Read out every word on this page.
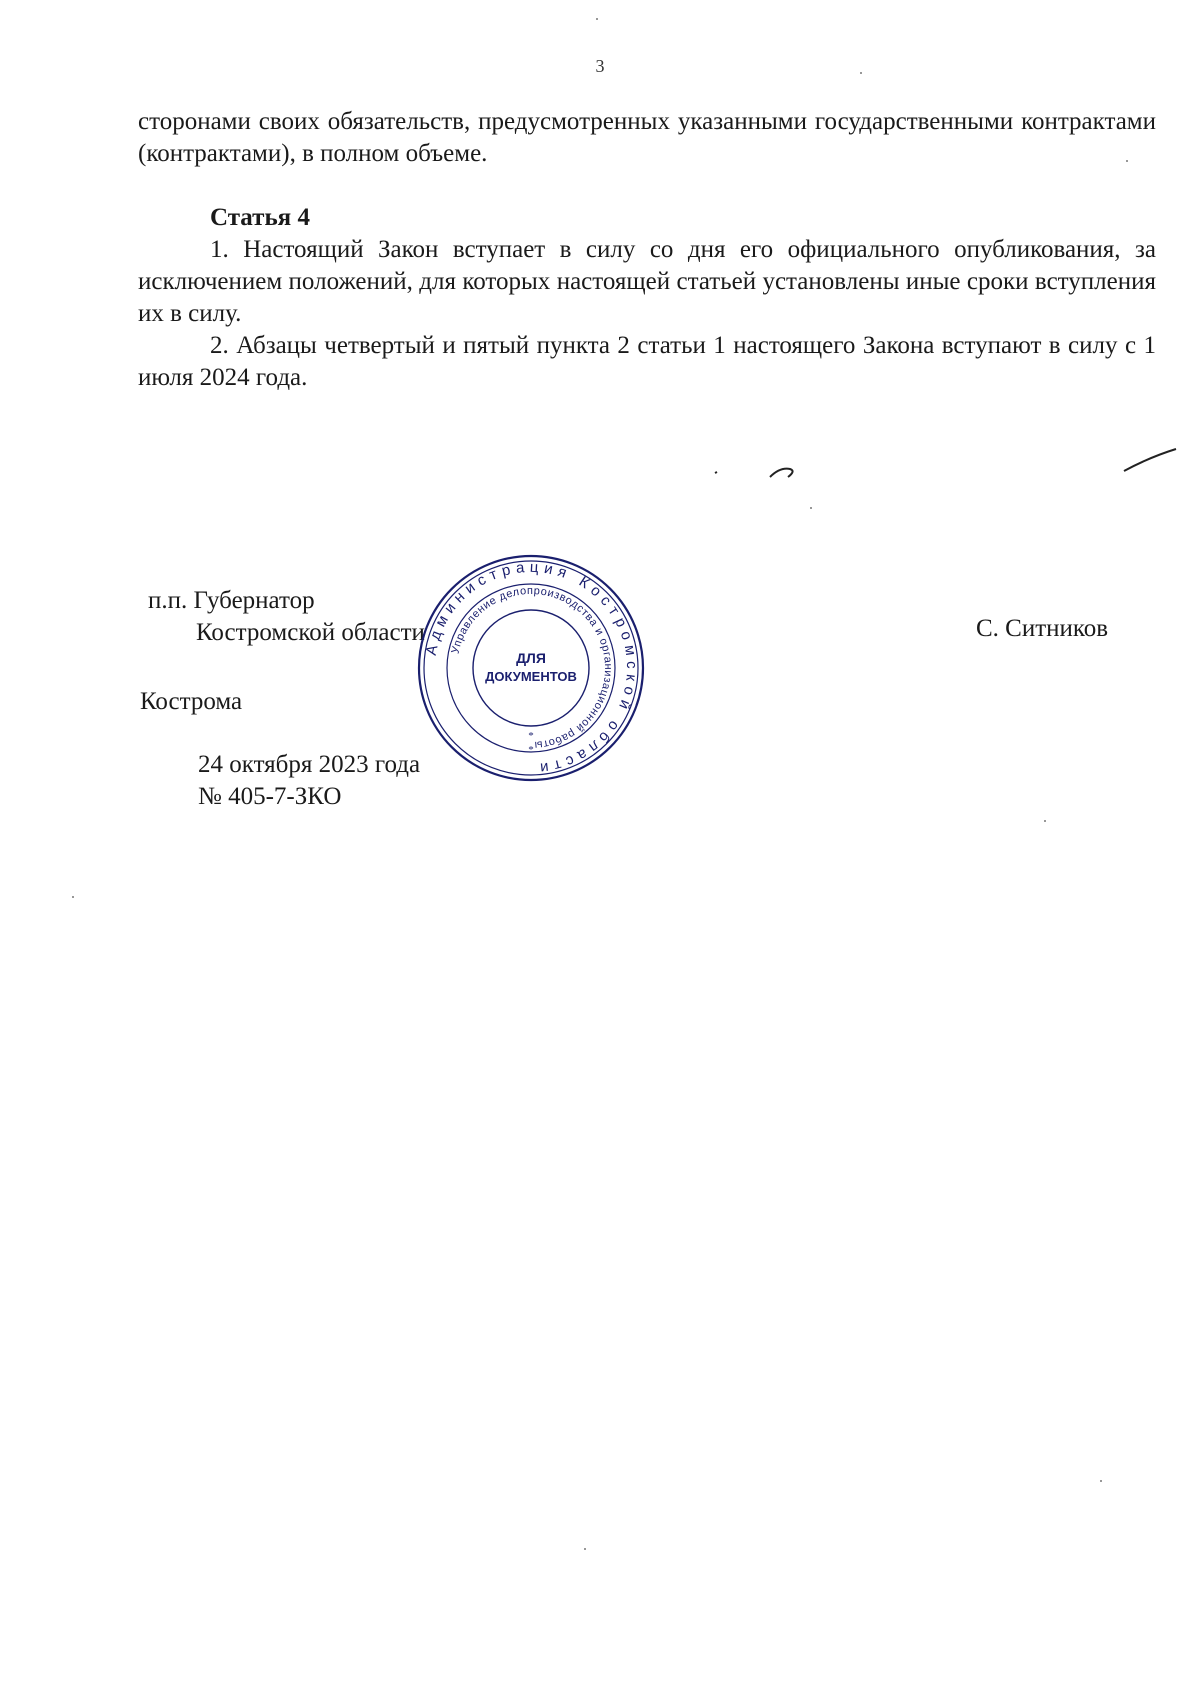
3

сторонами своих обязательств, предусмотренных указанными государственными контрактами (контрактами), в полном объеме.

Статья 4

1. Настоящий Закон вступает в силу со дня его официального опубликования, за исключением положений, для которых настоящей статьей установлены иные сроки вступления их в силу.

2. Абзацы четвертый и пятый пункта 2 статьи 1 настоящего Закона вступают в силу с 1 июля 2024 года.

п.п. Губернатор
Костромской области	С. Ситников
Кострома
24 октября 2023 года
№ 405-7-ЗКО
Администрация Костромской области
Управление делопроизводства и организационной работы
ДЛЯ
ДОКУМЕНТОВ
*
*
